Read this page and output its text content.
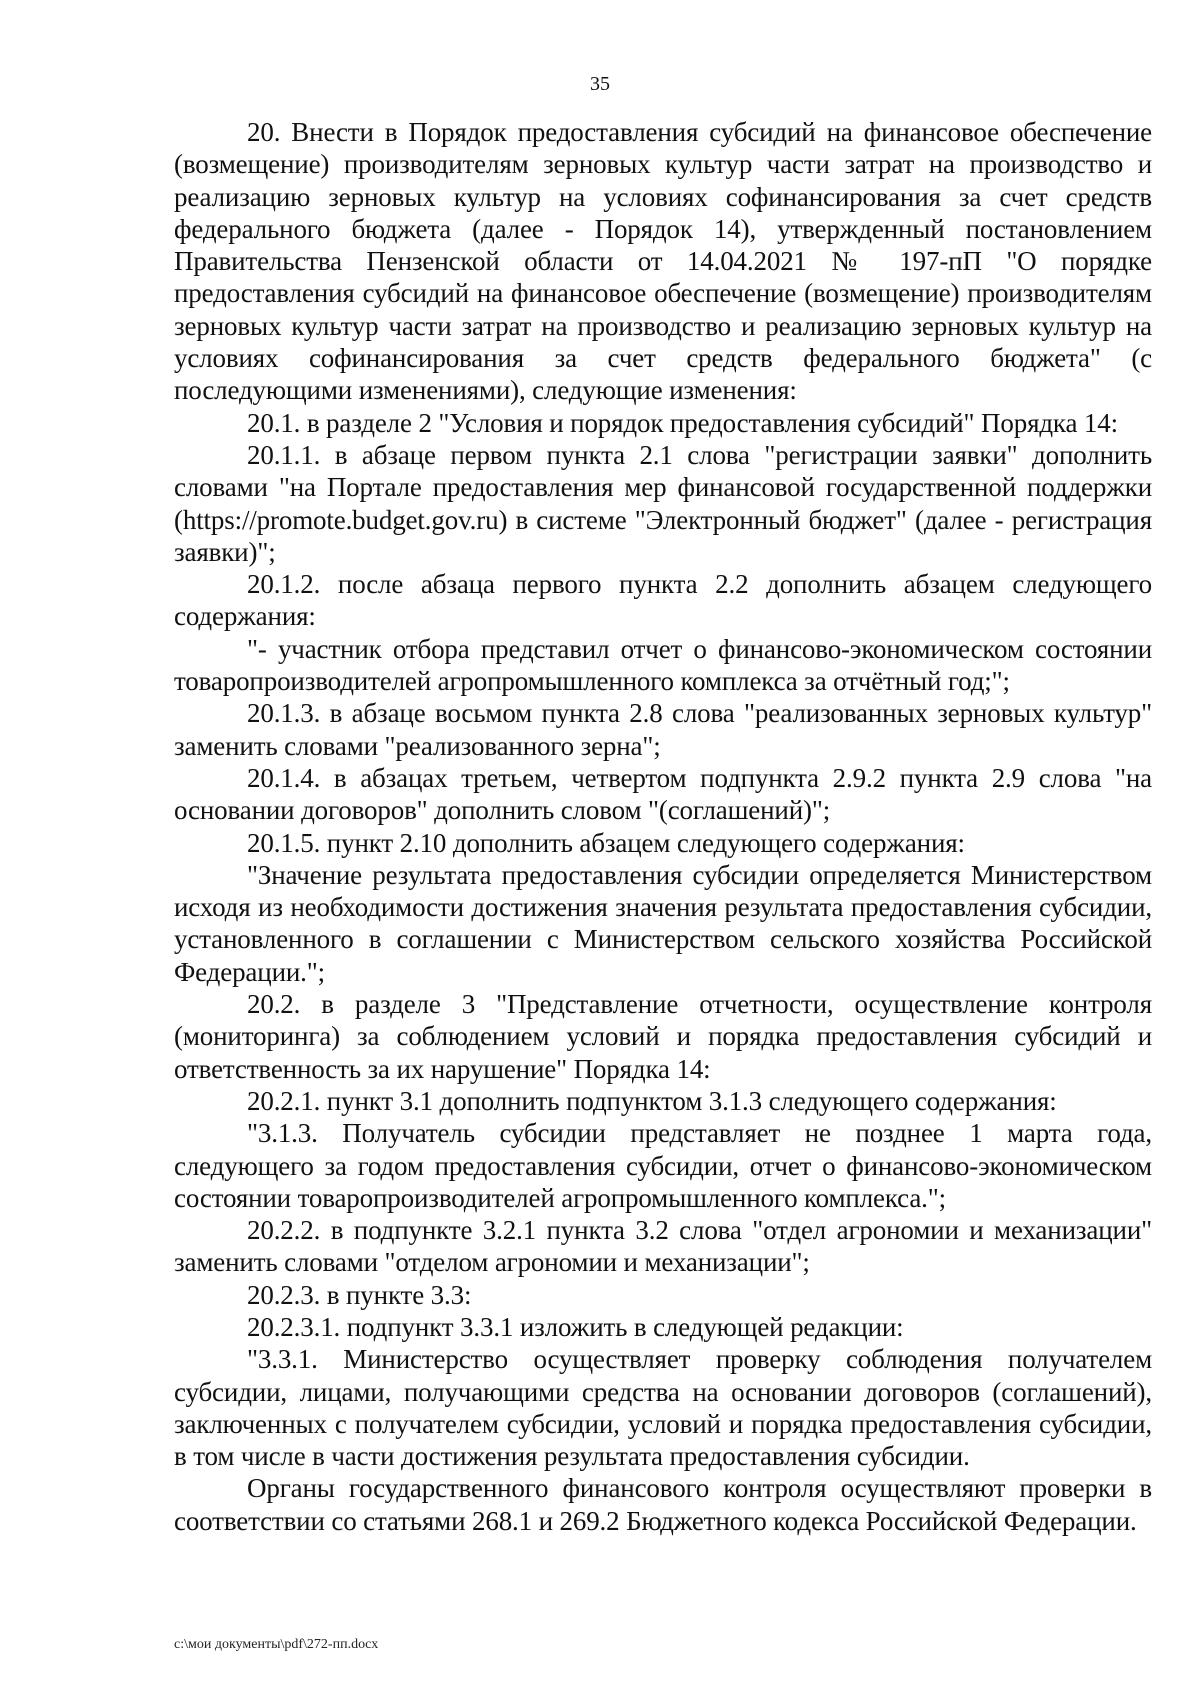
35

20. Внести в Порядок предоставления субсидий на финансовое обеспечение (возмещение) производителям зерновых культур части затрат на производство и реализацию зерновых культур на условиях софинансирования за счет средств федерального бюджета (далее - Порядок 14), утвержденный постановлением Правительства Пензенской области от 14.04.2021 № 197-пП "О порядке предоставления субсидий на финансовое обеспечение (возмещение) производителям зерновых культур части затрат на производство и реализацию зерновых культур на условиях софинансирования за счет средств федерального бюджета" (с последующими изменениями), следующие изменения:

20.1. в разделе 2 "Условия и порядок предоставления субсидий" Порядка 14:

20.1.1. в абзаце первом пункта 2.1 слова "регистрации заявки" дополнить словами "на Портале предоставления мер финансовой государственной поддержки (https://promote.budget.gov.ru) в системе "Электронный бюджет" (далее - регистрация заявки)";

20.1.2. после абзаца первого пункта 2.2 дополнить абзацем следующего содержания:

"- участник отбора представил отчет о финансово-экономическом состоянии товаропроизводителей агропромышленного комплекса за отчётный год;";

20.1.3. в абзаце восьмом пункта 2.8 слова "реализованных зерновых культур" заменить словами "реализованного зерна";

20.1.4. в абзацах третьем, четвертом подпункта 2.9.2 пункта 2.9 слова "на основании договоров" дополнить словом "(соглашений)";

20.1.5. пункт 2.10 дополнить абзацем следующего содержания:

"Значение результата предоставления субсидии определяется Министерством исходя из необходимости достижения значения результата предоставления субсидии, установленного в соглашении с Министерством сельского хозяйства Российской Федерации.";

20.2. в разделе 3 "Представление отчетности, осуществление контроля (мониторинга) за соблюдением условий и порядка предоставления субсидий и ответственность за их нарушение" Порядка 14:

20.2.1. пункт 3.1 дополнить подпунктом 3.1.3 следующего содержания:

"3.1.3. Получатель субсидии представляет не позднее 1 марта года, следующего за годом предоставления субсидии, отчет о финансово-экономическом состоянии товаропроизводителей агропромышленного комплекса.";

20.2.2. в подпункте 3.2.1 пункта 3.2 слова "отдел агрономии и механизации" заменить словами "отделом агрономии и механизации";

20.2.3. в пункте 3.3:

20.2.3.1. подпункт 3.3.1 изложить в следующей редакции:

"3.3.1. Министерство осуществляет проверку соблюдения получателем субсидии, лицами, получающими средства на основании договоров (соглашений), заключенных с получателем субсидии, условий и порядка предоставления субсидии, в том числе в части достижения результата предоставления субсидии.

Органы государственного финансового контроля осуществляют проверки в соответствии со статьями 268.1 и 269.2 Бюджетного кодекса Российской Федерации.

c:\мои документы\pdf\272-пп.docx
